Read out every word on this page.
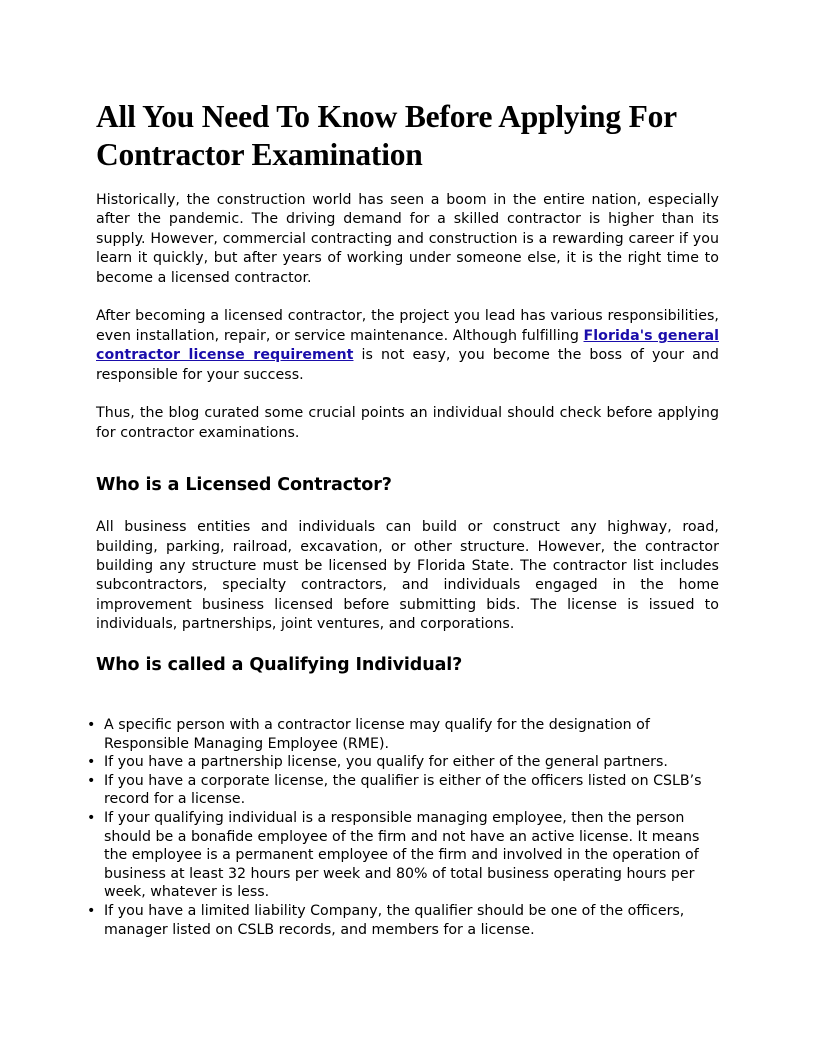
All You Need To Know Before Applying For Contractor Examination

Historically, the construction world has seen a boom in the entire nation, especially after the pandemic. The driving demand for a skilled contractor is higher than its supply. However, commercial contracting and construction is a rewarding career if you learn it quickly, but after years of working under someone else, it is the right time to become a licensed contractor.

After becoming a licensed contractor, the project you lead has various responsibilities, even installation, repair, or service maintenance. Although fulfilling Florida's general contractor license requirement is not easy, you become the boss of your and responsible for your success.

Thus, the blog curated some crucial points an individual should check before applying for contractor examinations.

Who is a Licensed Contractor?

All business entities and individuals can build or construct any highway, road, building, parking, railroad, excavation, or other structure. However, the contractor building any structure must be licensed by Florida State. The contractor list includes subcontractors, specialty contractors, and individuals engaged in the home improvement business licensed before submitting bids. The license is issued to individuals, partnerships, joint ventures, and corporations.

Who is called a Qualifying Individual?
• A specific person with a contractor license may qualify for the designation of Responsible Managing Employee (RME).
• If you have a partnership license, you qualify for either of the general partners.
• If you have a corporate license, the qualifier is either of the officers listed on CSLB’s record for a license.
• If your qualifying individual is a responsible managing employee, then the person should be a bonafide employee of the firm and not have an active license. It means the employee is a permanent employee of the firm and involved in the operation of business at least 32 hours per week and 80% of total business operating hours per week, whatever is less.
• If you have a limited liability Company, the qualifier should be one of the officers, manager listed on CSLB records, and members for a license.
